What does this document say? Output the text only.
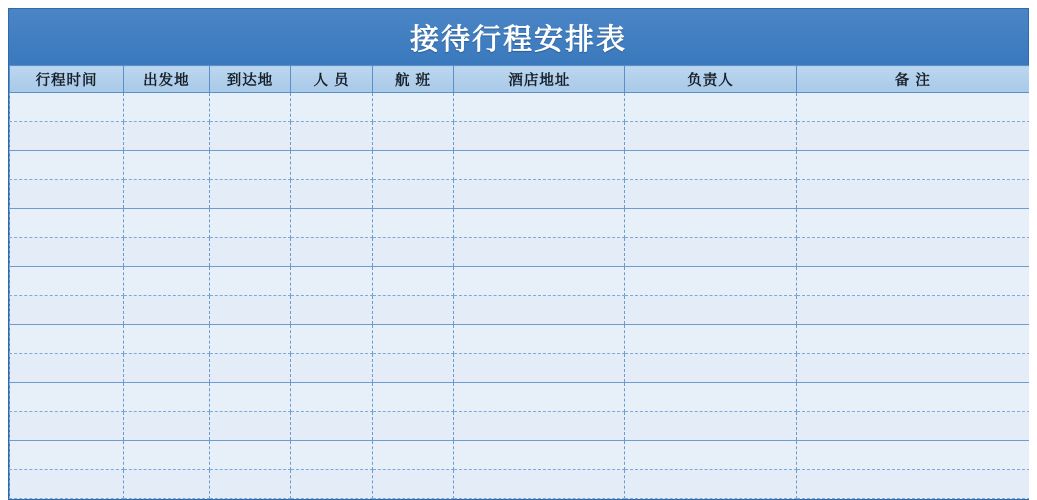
接待行程安排表
行程时间	出发地	到达地	人 员	航 班	酒店地址	负责人	备 注
